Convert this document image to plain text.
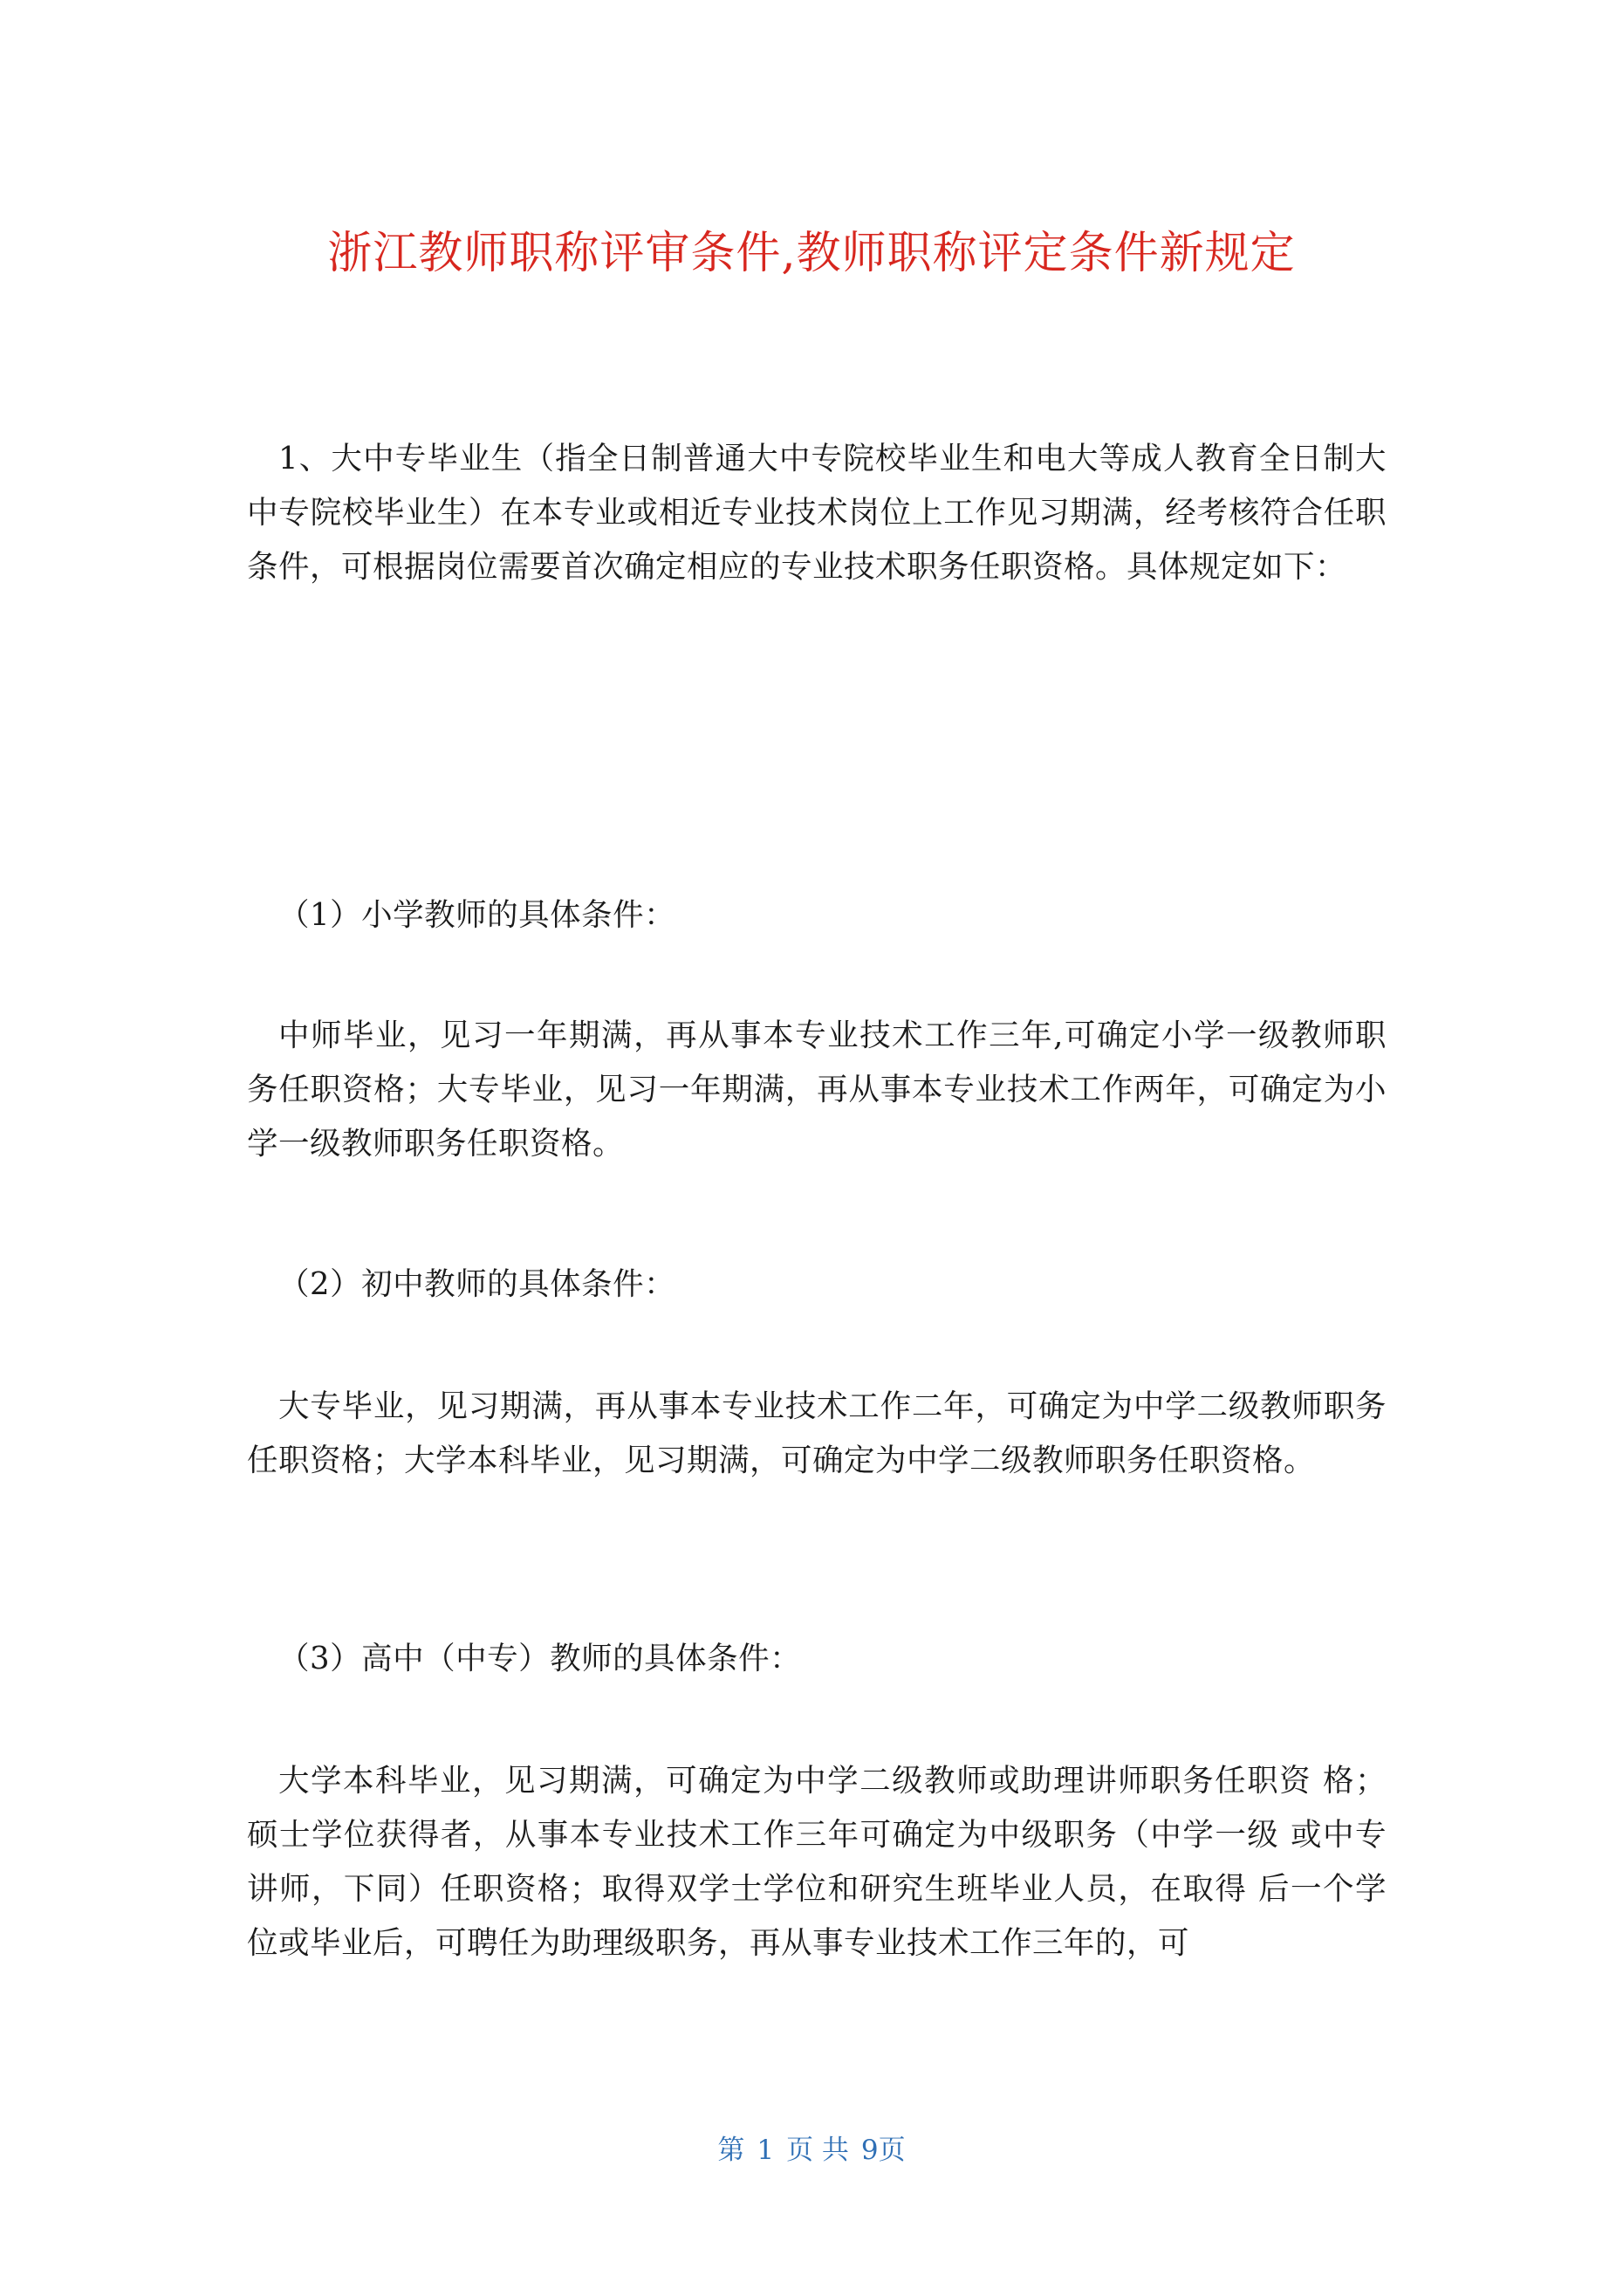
浙江教师职称评审条件,教师职称评定条件新规定

1、大中专毕业生（指全日制普通大中专院校毕业生和电大等成人教育全日制大中专院校毕业生）在本专业或相近专业技术岗位上工作见习期满，经考核符合任职条件，可根据岗位需要首次确定相应的专业技术职务任职资格。具体规定如下：

（1）小学教师的具体条件：

中师毕业，见习一年期满，再从事本专业技术工作三年,可确定小学一级教师职务任职资格；大专毕业，见习一年期满，再从事本专业技术工作两年，可确定为小学一级教师职务任职资格。

（2）初中教师的具体条件：

大专毕业，见习期满，再从事本专业技术工作二年，可确定为中学二级教师职务任职资格；大学本科毕业，见习期满，可确定为中学二级教师职务任职资格。

（3）高中（中专）教师的具体条件：

大学本科毕业，见习期满，可确定为中学二级教师或助理讲师职务任职资 格；硕士学位获得者，从事本专业技术工作三年可确定为中级职务（中学一级 或中专讲师，下同）任职资格；取得双学士学位和研究生班毕业人员，在取得 后一个学位或毕业后，可聘任为助理级职务，再从事专业技术工作三年的，可

第 1 页 共 9页
